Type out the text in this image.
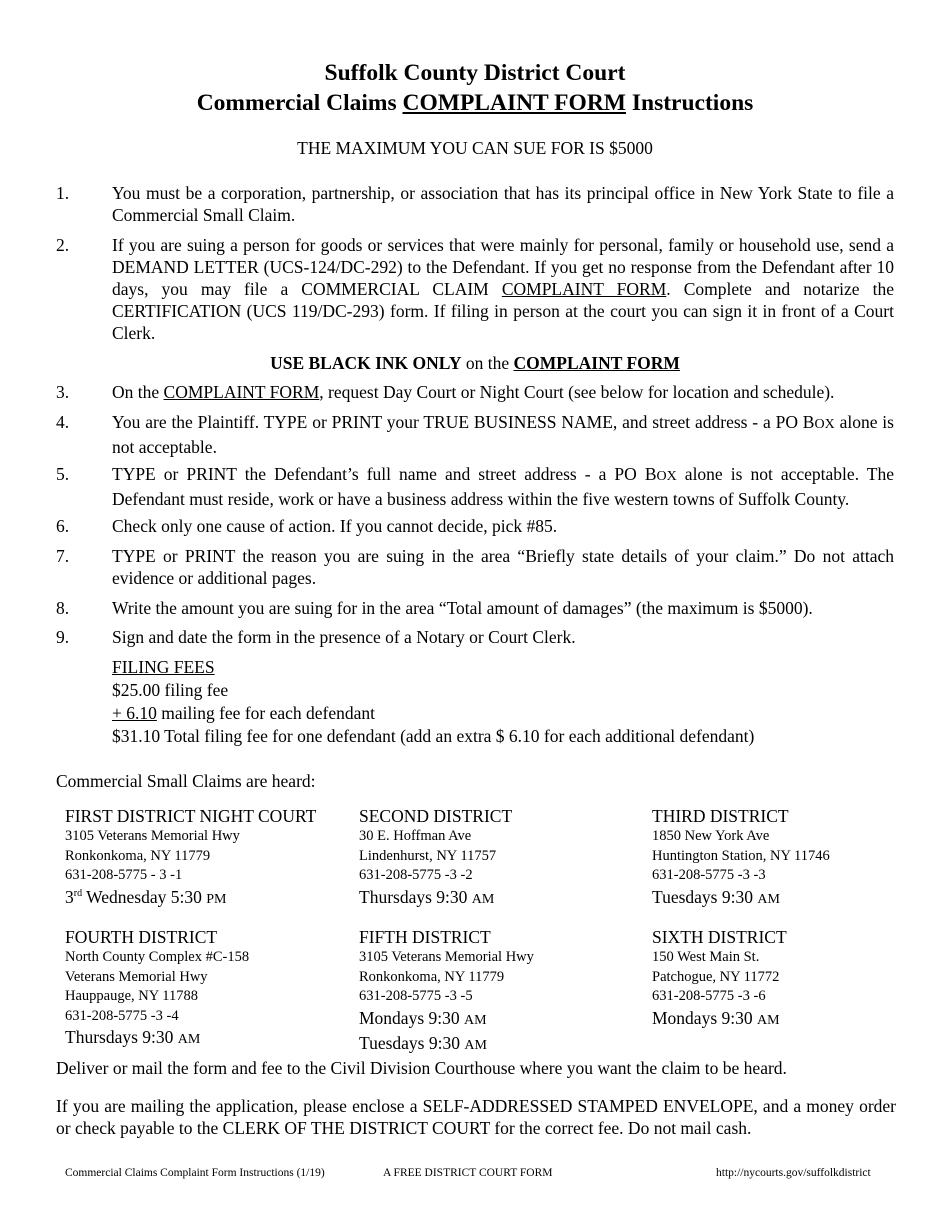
Suffolk County District Court
Commercial Claims COMPLAINT FORM Instructions
THE MAXIMUM YOU CAN SUE FOR IS $5000
1. You must be a corporation, partnership, or association that has its principal office in New York State to file a Commercial Small Claim.
2. If you are suing a person for goods or services that were mainly for personal, family or household use, send a DEMAND LETTER (UCS-124/DC-292) to the Defendant. If you get no response from the Defendant after 10 days, you may file a COMMERCIAL CLAIM COMPLAINT FORM. Complete and notarize the CERTIFICATION (UCS 119/DC-293) form. If filing in person at the court you can sign it in front of a Court Clerk.
USE BLACK INK ONLY on the COMPLAINT FORM
3. On the COMPLAINT FORM, request Day Court or Night Court (see below for location and schedule).
4. You are the Plaintiff. TYPE or PRINT your TRUE BUSINESS NAME, and street address - a PO BOX alone is not acceptable.
5. TYPE or PRINT the Defendant’s full name and street address - a PO BOX alone is not acceptable. The Defendant must reside, work or have a business address within the five western towns of Suffolk County.
6. Check only one cause of action. If you cannot decide, pick #85.
7. TYPE or PRINT the reason you are suing in the area “Briefly state details of your claim.” Do not attach evidence or additional pages.
8. Write the amount you are suing for in the area “Total amount of damages” (the maximum is $5000).
9. Sign and date the form in the presence of a Notary or Court Clerk.
FILING FEES
$25.00 filing fee
+ 6.10 mailing fee for each defendant
$31.10 Total filing fee for one defendant (add an extra $ 6.10 for each additional defendant)
Commercial Small Claims are heard:
FIRST DISTRICT NIGHT COURT
3105 Veterans Memorial Hwy
Ronkonkoma, NY 11779
631-208-5775 - 3 -1
3rd Wednesday 5:30 PM
SECOND DISTRICT
30 E. Hoffman Ave
Lindenhurst, NY 11757
631-208-5775 -3 -2
Thursdays 9:30 AM
THIRD DISTRICT
1850 New York Ave
Huntington Station, NY 11746
631-208-5775 -3 -3
Tuesdays 9:30 AM
FOURTH DISTRICT
North County Complex #C-158
Veterans Memorial Hwy
Hauppauge, NY 11788
631-208-5775 -3 -4
Thursdays 9:30 AM
FIFTH DISTRICT
3105 Veterans Memorial Hwy
Ronkonkoma, NY 11779
631-208-5775 -3 -5
Mondays 9:30 AM
Tuesdays 9:30 AM
SIXTH DISTRICT
150 West Main St.
Patchogue, NY 11772
631-208-5775 -3 -6
Mondays 9:30 AM
Deliver or mail the form and fee to the Civil Division Courthouse where you want the claim to be heard.
If you are mailing the application, please enclose a SELF-ADDRESSED STAMPED ENVELOPE, and a money order or check payable to the CLERK OF THE DISTRICT COURT for the correct fee. Do not mail cash.
Commercial Claims Complaint Form Instructions (1/19)	A FREE DISTRICT COURT FORM	http://nycourts.gov/suffolkdistrict
